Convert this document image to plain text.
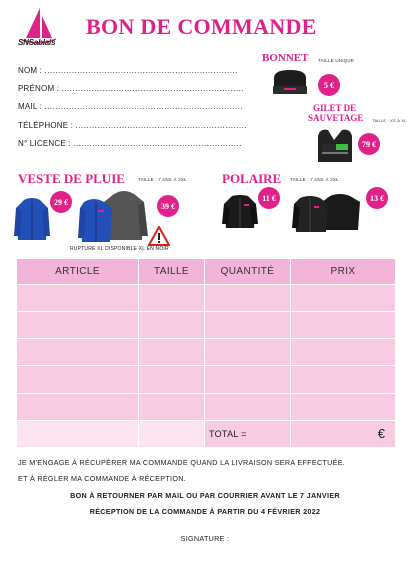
SNSablais
BON DE COMMANDE
NOM : .......................................................................
PRÉNOM : ...................................................................
MAIL : .........................................................................
TÉLÉPHONE : ...............................................................
N° LICENCE : ..............................................................
BONNET TAILLE UNIQUE
5 €
GILET DE
SAUVETAGE TAILLE : XS À XL
79 €
VESTE DE PLUIE	TAILLE : 7 ANS À 2XL
29 €	39 €
RUPTURE XL DISPONIBLE XL EN NOIR
POLAIRE TAILLE : 7 ANS À 2XL
11 €	13 €
ARTICLE	TAILLE	QUANTITÉ	PRIX

		TOTAL =	€
JE M'ENGAGE À RÉCUPÉRER MA COMMANDE QUAND LA LIVRAISON SERA EFFECTUÉE.
ET À RÉGLER MA COMMANDE À RÉCEPTION.
BON À RETOURNER PAR MAIL OU PAR COURRIER AVANT LE 7 JANVIER
RÉCEPTION DE LA COMMANDE À PARTIR DU 4 FÉVRIER 2022
SIGNATURE :
